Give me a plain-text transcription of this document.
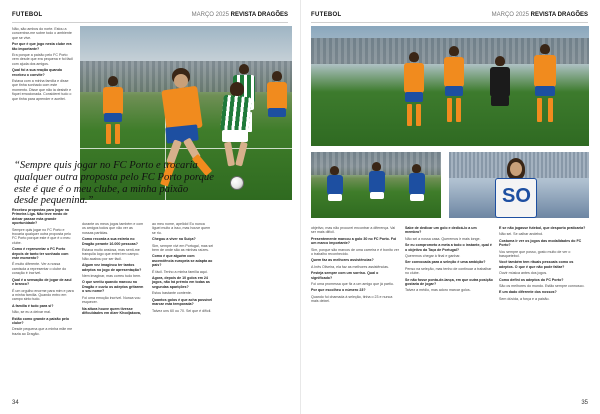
FUTEBOL	MARÇO 2025 REVISTA DRAGÕES

Não, são ambos do norte. Estou a concentrar-me sobre todo o ambiente que se vive.

Por que é que jogo nesta clube era tão importante?

Era porque a paixão pelo FC Porto vem desde que era pequena e foi fácil com ajuda dos amigos.

Qual foi a sua reação quando recebeu o convite?

Estava com a minha família e disse que tinha sonhado com este momento. Disse que não ia desistir e fiquei emocionada. Considerei tudo o que tinha para aprender e aceitei.

“Sempre quis jogar no FC Porto e trocaria qualquer outra proposta pelo FC Porto porque este é que é o meu clube, a minha paixão desde pequenina.”

Recebeu propostas para jogar na Primeira Liga. Não teve medo de deixar passar esta grande oportunidade?

Sempre quis jogar no FC Porto e trocaria qualquer outra proposta pelo FC Porto porque este é que é o meu clube.

Como é representar o FC Porto depois de tanto ter sonhado com este momento?

É muito diferente. Ver a nossa camisola a representar o clube do coração é incrível.

Qual é a sensação de jogar de azul e branco?

É um orgulho enorme para mim e para a minha família. Quando entro em campo sinto tudo.

A família é tudo para si?

Não, se eu a deixar mal.

Estão como grande a paixão pelo clube?

Desde pequena que a minha mãe me trazia ao Dragão.

durante os meus jogos também e com os amigos todos que vão ver as nossas partidas.

Como recorda a sua estreia no Dragão perante 16.000 pessoas?

Estava muito ansiosa, mas senti-me tranquila logo que entrei em campo. Não acabou por ser fácil.

Algum vez imaginou ter tantos adeptos no jogo de apresentação?

Nem imaginar, mas correu tudo bem.

O que sentiu quando marcou no Dragão e ouviu os adeptos gritarem o seu nome?

Foi uma emoção incrível. Nunca vou esquecer.

Na altura houve quem tivesse dificuldades em dizer Khodjakova,

ao meu nome, apelido! Eu nunca liguei muito a isso, mas houve quem se riu.

Chegou a viver na Suíça?

Sim, sempre vivi em Portugal, mas sei bem de onde são as minhas raízes.

Como é que alguém com ascendência europeia se adapta ao país?

É fácil. Tenho a minha família aqui.

Agora, depois de 10 golos em 24 jogos, não há prémio em todas as segundas aparições?

Estou bastante contente.

Quantos golos é que acha possível marcar esta temporada?

Talvez uns 60 ou 70. Sei que é difícil.

34
FUTEBOL	MARÇO 2025 REVISTA DRAGÕES
SO

objetivo, mas não procurei encontrar a diferença. Vai ser mais difícil.

Presentemente marcou a golo 30 no FC Porto. Foi um marco importante?

Sim, porque são marcos de uma carreira e é bonito ver o trabalho reconhecido.

Quem faz as melhores assistências?

A Inês Oliveira, ela faz as melhores assistências.

Festeja sempre com um sorriso. Qual o significado?

Foi uma promessa que fiz a um amigo que já partiu.

Por que escolheu o número 23?

Quando fui chamada à seleção, tinha o 23 e nunca mais deixei.

Sabe de dedicar um golo e dedicá-lo a um membro?

Não sei a nossa casa. Queremos ir mais longe.

Se eu comprometo a meta a todo o instante, qual é o objetivo da Taça de Portugal?

Queremos chegar à final e ganhar.

Ser convocada para a seleção é uma ambição?

Penso na seleção, mas tenho de continuar a trabalhar no clube.

Se não fosse ponta-de-lança, em que outra posição gostaria de jogar?

Talvez a médio, mas adoro marcar golos.

E se não jogasse futebol, que desporto praticaria?

Não sei. Se calhar andebol.

Costuma ir ver os jogos das modalidades do FC Porto?

Vou sempre que posso, gosto muito de ver o basquetebol.

Você também tem rituais pessoais como os adeptos. O que é que não pode faltar?

Ouvir música antes dos jogos.

Como defini os adeptos do FC Porto?

São os melhores do mundo. Estão sempre connosco.

E um dado diferente dos nossos?

Sem dúvida, a força e a paixão.

35
